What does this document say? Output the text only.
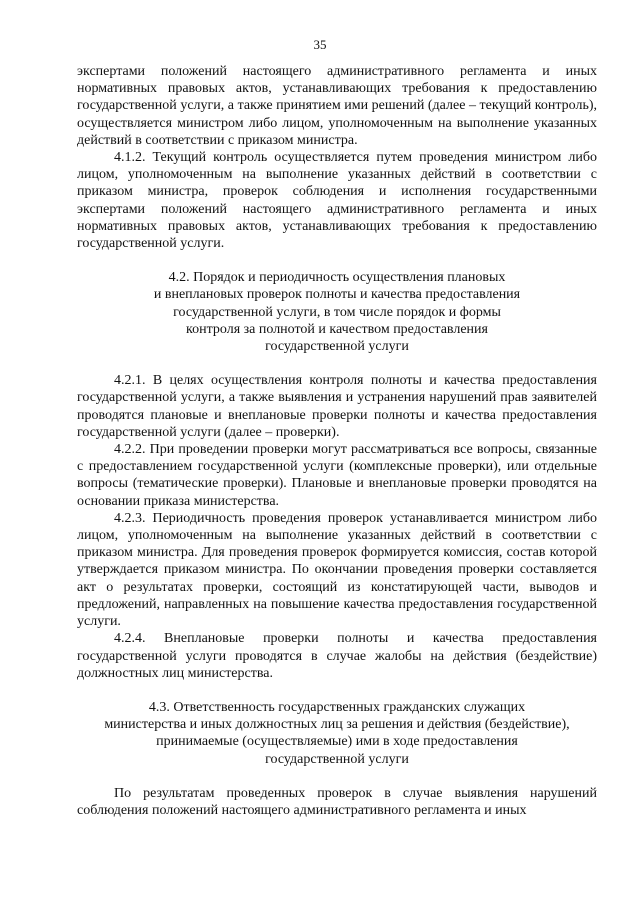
35

экспертами положений настоящего административного регламента и иных нормативных правовых актов, устанавливающих требования к предоставлению государственной услуги, а также принятием ими решений (далее – текущий контроль), осуществляется министром либо лицом, уполномоченным на выполнение указанных действий в соответствии с приказом министра.

4.1.2. Текущий контроль осуществляется путем проведения министром либо лицом, уполномоченным на выполнение указанных действий в соответствии с приказом министра, проверок соблюдения и исполнения государственными экспертами положений настоящего административного регламента и иных нормативных правовых актов, устанавливающих требования к предоставлению государственной услуги.

4.2. Порядок и периодичность осуществления плановых
и внеплановых проверок полноты и качества предоставления
государственной услуги, в том числе порядок и формы
контроля за полнотой и качеством предоставления
государственной услуги

4.2.1. В целях осуществления контроля полноты и качества предоставления государственной услуги, а также выявления и устранения нарушений прав заявителей проводятся плановые и внеплановые проверки полноты и качества предоставления государственной услуги (далее – проверки).

4.2.2. При проведении проверки могут рассматриваться все вопросы, связанные с предоставлением государственной услуги (комплексные проверки), или отдельные вопросы (тематические проверки). Плановые и внеплановые проверки проводятся на основании приказа министерства.

4.2.3. Периодичность проведения проверок устанавливается министром либо лицом, уполномоченным на выполнение указанных действий в соответствии с приказом министра. Для проведения проверок формируется комиссия, состав которой утверждается приказом министра. По окончании проведения проверки составляется акт о результатах проверки, состоящий из констатирующей части, выводов и предложений, направленных на повышение качества предоставления государственной услуги.

4.2.4. Внеплановые проверки полноты и качества предоставления государственной услуги проводятся в случае жалобы на действия (бездействие) должностных лиц министерства.

4.3. Ответственность государственных гражданских служащих
министерства и иных должностных лиц за решения и действия (бездействие),
принимаемые (осуществляемые) ими в ходе предоставления
государственной услуги

По результатам проведенных проверок в случае выявления нарушений соблюдения положений настоящего административного регламента и иных
